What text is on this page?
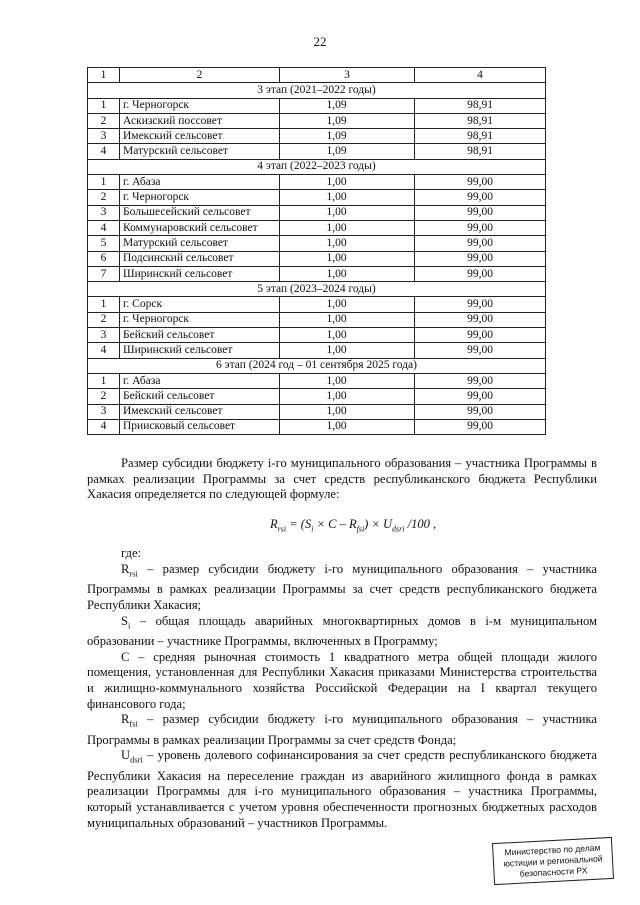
22
1	2	3	4
3 этап (2021–2022 годы)			
1	г. Черногорск	1,09	98,91
2	Аскизский поссовет	1,09	98,91
3	Имекский сельсовет	1,09	98,91
4	Матурский сельсовет	1,09	98,91
4 этап (2022–2023 годы)			
1	г. Абаза	1,00	99,00
2	г. Черногорск	1,00	99,00
3	Большесейский сельсовет	1,00	99,00
4	Коммунаровский сельсовет	1,00	99,00
5	Матурский сельсовет	1,00	99,00
6	Подсинский сельсовет	1,00	99,00
7	Ширинский сельсовет	1,00	99,00
5 этап (2023–2024 годы)			
1	г. Сорск	1,00	99,00
2	г. Черногорск	1,00	99,00
3	Бейский сельсовет	1,00	99,00
4	Ширинский сельсовет	1,00	99,00
6 этап (2024 год – 01 сентября 2025 года)			
1	г. Абаза	1,00	99,00
2	Бейский сельсовет	1,00	99,00
3	Имекский сельсовет	1,00	99,00
4	Приисковый сельсовет	1,00	99,00
Размер субсидии бюджету i-го муниципального образования – участника Программы в рамках реализации Программы за счет средств республиканского бюджета Республики Хакасия определяется по следующей формуле:
$R_{rsi} = (S_i \times C - R_{fsi}) \times U_{dsri}$ /100 ,
где:

$R_{rsi}$ – размер субсидии бюджету i-го муниципального образования – участника Программы в рамках реализации Программы за счет средств республиканского бюджета Республики Хакасия;

$S_i$ – общая площадь аварийных многоквартирных домов в i-м муниципальном образовании – участнике Программы, включенных в Программу;

C – средняя рыночная стоимость 1 квадратного метра общей площади жилого помещения, установленная для Республики Хакасия приказами Министерства строительства и жилищно-коммунального хозяйства Российской Федерации на I квартал текущего финансового года;

$R_{fsi}$ – размер субсидии бюджету i-го муниципального образования – участника Программы в рамках реализации Программы за счет средств Фонда;

$U_{dsri}$ – уровень долевого софинансирования за счет средств республиканского бюджета Республики Хакасия на переселение граждан из аварийного жилищного фонда в рамках реализации Программы для i-го муниципального образования – участника Программы, который устанавливается с учетом уровня обеспеченности прогнозных бюджетных расходов муниципальных образований – участников Программы.

Министерство по делам
юстиции и региональной
безопасности РХ
